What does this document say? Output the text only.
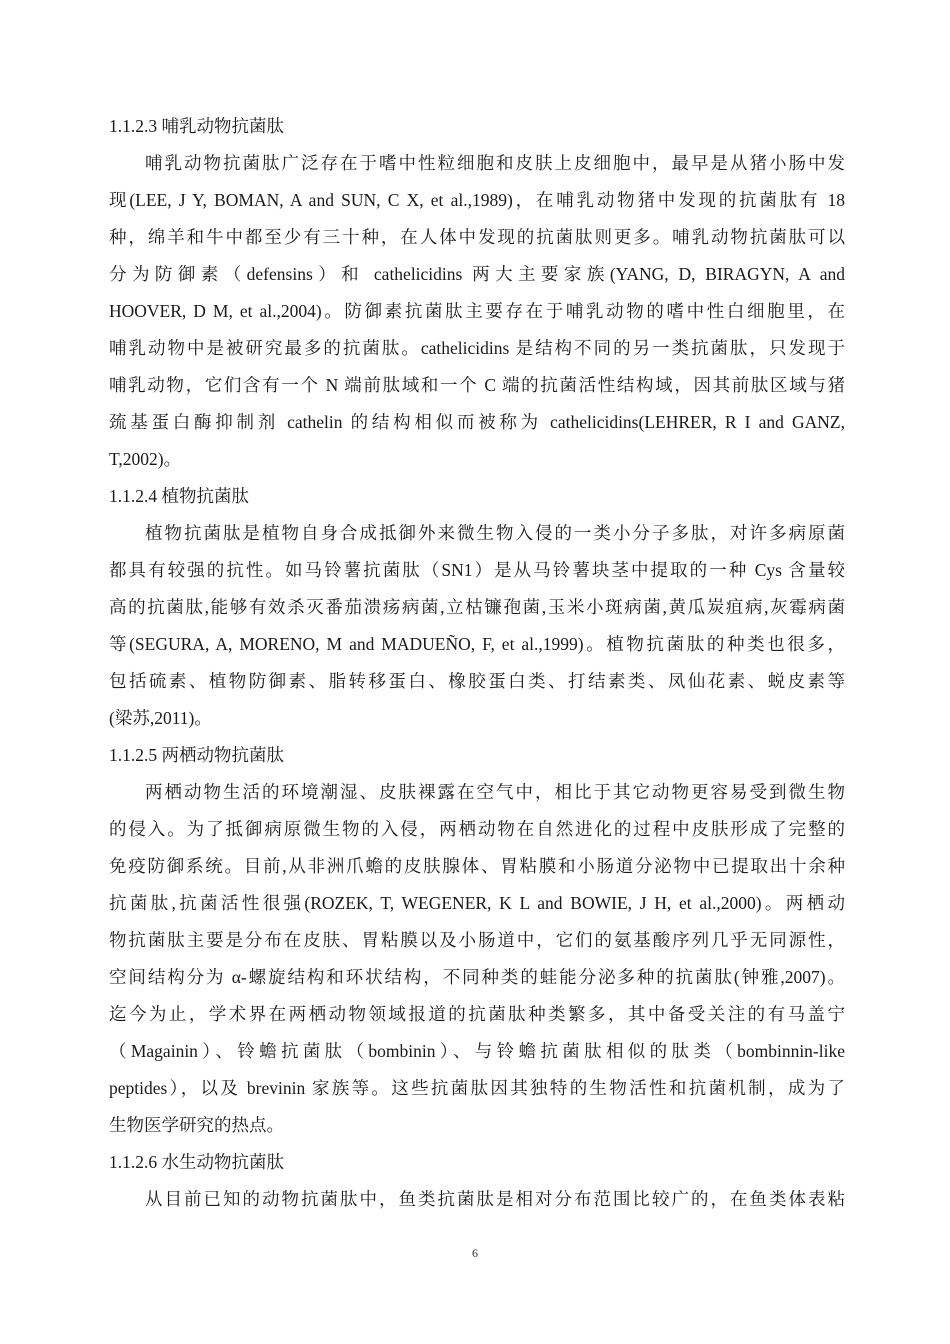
1.1.2.3 哺乳动物抗菌肽

哺乳动物抗菌肽广泛存在于嗜中性粒细胞和皮肤上皮细胞中，最早是从猪小肠中发

现(LEE, J Y, BOMAN, A and SUN, C X, et al.,1989)，在哺乳动物猪中发现的抗菌肽有 18

种，绵羊和牛中都至少有三十种，在人体中发现的抗菌肽则更多。哺乳动物抗菌肽可以

分为防御素（defensins）和 cathelicidins 两大主要家族(YANG, D, BIRAGYN, A and

HOOVER, D M, et al.,2004)。防御素抗菌肽主要存在于哺乳动物的嗜中性白细胞里，在

哺乳动物中是被研究最多的抗菌肽。cathelicidins 是结构不同的另一类抗菌肽，只发现于

哺乳动物，它们含有一个 N 端前肽域和一个 C 端的抗菌活性结构域，因其前肽区域与猪

巯基蛋白酶抑制剂 cathelin 的结构相似而被称为 cathelicidins(LEHRER, R I and GANZ,

T,2002)。

1.1.2.4 植物抗菌肽

植物抗菌肽是植物自身合成抵御外来微生物入侵的一类小分子多肽，对许多病原菌

都具有较强的抗性。如马铃薯抗菌肽（SN1）是从马铃薯块茎中提取的一种 Cys 含量较

高的抗菌肽,能够有效杀灭番茄溃疡病菌,立枯镰孢菌,玉米小斑病菌,黄瓜炭疽病,灰霉病菌

等(SEGURA, A, MORENO, M and MADUEÑO, F, et al.,1999)。植物抗菌肽的种类也很多，

包括硫素、植物防御素、脂转移蛋白、橡胶蛋白类、打结素类、凤仙花素、蜕皮素等

(梁苏,2011)。

1.1.2.5 两栖动物抗菌肽

两栖动物生活的环境潮湿、皮肤裸露在空气中，相比于其它动物更容易受到微生物

的侵入。为了抵御病原微生物的入侵，两栖动物在自然进化的过程中皮肤形成了完整的

免疫防御系统。目前,从非洲爪蟾的皮肤腺体、胃粘膜和小肠道分泌物中已提取出十余种

抗菌肽,抗菌活性很强(ROZEK, T, WEGENER, K L and BOWIE, J H, et al.,2000)。两栖动

物抗菌肽主要是分布在皮肤、胃粘膜以及小肠道中，它们的氨基酸序列几乎无同源性，

空间结构分为 α-螺旋结构和环状结构，不同种类的蛙能分泌多种的抗菌肽(钟雅,2007)。

迄今为止，学术界在两栖动物领域报道的抗菌肽种类繁多，其中备受关注的有马盖宁

（Magainin）、铃蟾抗菌肽（bombinin）、与铃蟾抗菌肽相似的肽类（bombinnin-like

peptides），以及 brevinin 家族等。这些抗菌肽因其独特的生物活性和抗菌机制，成为了

生物医学研究的热点。

1.1.2.6 水生动物抗菌肽

从目前已知的动物抗菌肽中，鱼类抗菌肽是相对分布范围比较广的，在鱼类体表粘

6
